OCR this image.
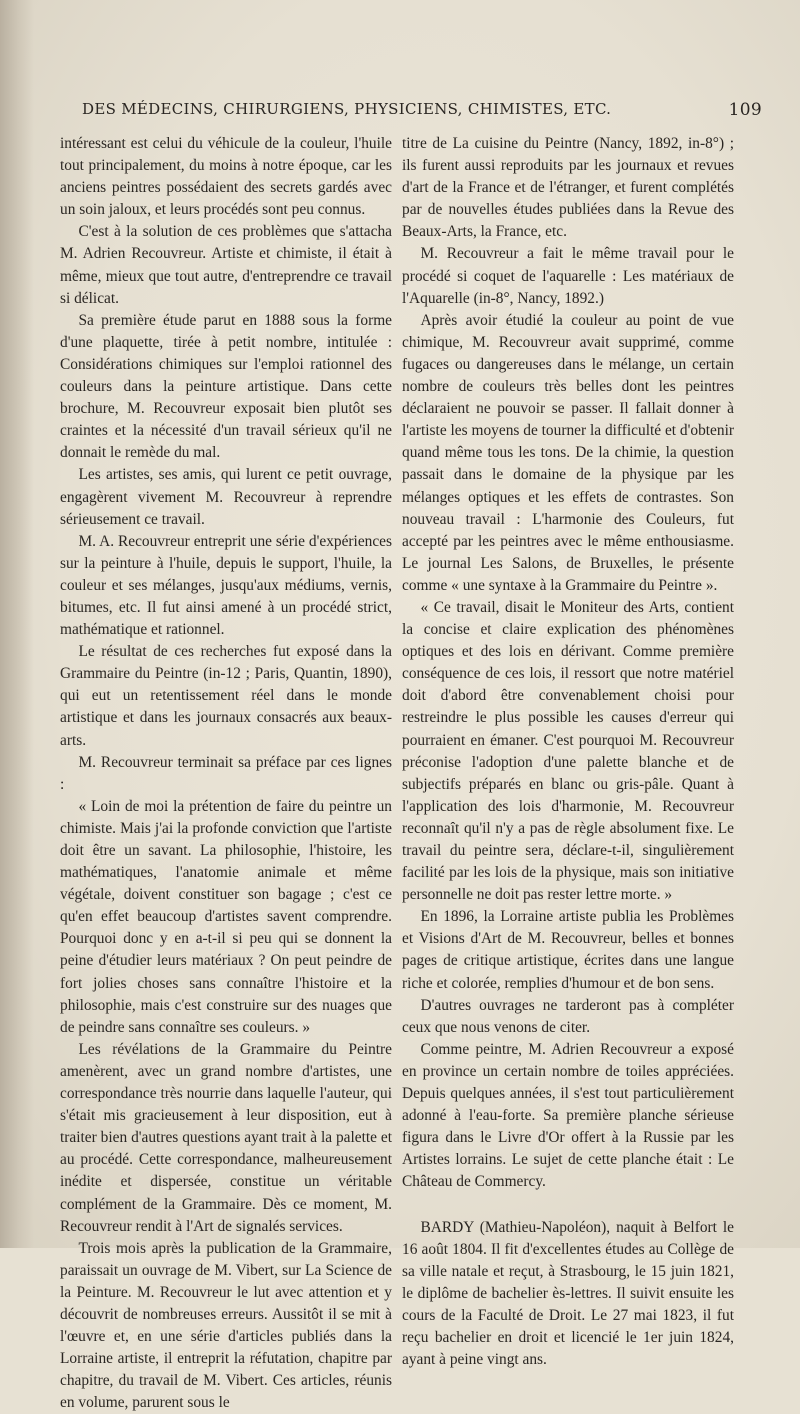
DES MÉDECINS, CHIRURGIENS, PHYSICIENS, CHIMISTES, ETC.	109

intéressant est celui du véhicule de la couleur, l'huile tout principalement, du moins à notre époque, car les anciens peintres possédaient des secrets gardés avec un soin jaloux, et leurs procédés sont peu connus.

C'est à la solution de ces problèmes que s'attacha M. Adrien Recouvreur. Artiste et chimiste, il était à même, mieux que tout autre, d'entreprendre ce travail si délicat.

Sa première étude parut en 1888 sous la forme d'une plaquette, tirée à petit nombre, intitulée : Considérations chimiques sur l'emploi rationnel des couleurs dans la peinture artistique. Dans cette brochure, M. Recouvreur exposait bien plutôt ses craintes et la nécessité d'un travail sérieux qu'il ne donnait le remède du mal.

Les artistes, ses amis, qui lurent ce petit ouvrage, engagèrent vivement M. Recouvreur à reprendre sérieusement ce travail.

M. A. Recouvreur entreprit une série d'expériences sur la peinture à l'huile, depuis le support, l'huile, la couleur et ses mélanges, jusqu'aux médiums, vernis, bitumes, etc. Il fut ainsi amené à un procédé strict, mathématique et rationnel.

Le résultat de ces recherches fut exposé dans la Grammaire du Peintre (in-12 ; Paris, Quantin, 1890), qui eut un retentissement réel dans le monde artistique et dans les journaux consacrés aux beaux-arts.

M. Recouvreur terminait sa préface par ces lignes :

« Loin de moi la prétention de faire du peintre un chimiste. Mais j'ai la profonde conviction que l'artiste doit être un savant. La philosophie, l'histoire, les mathématiques, l'anatomie animale et même végétale, doivent constituer son bagage ; c'est ce qu'en effet beaucoup d'artistes savent comprendre. Pourquoi donc y en a-t-il si peu qui se donnent la peine d'étudier leurs matériaux ? On peut peindre de fort jolies choses sans connaître l'histoire et la philosophie, mais c'est construire sur des nuages que de peindre sans connaître ses couleurs. »

Les révélations de la Grammaire du Peintre amenèrent, avec un grand nombre d'artistes, une correspondance très nourrie dans laquelle l'auteur, qui s'était mis gracieusement à leur disposition, eut à traiter bien d'autres questions ayant trait à la palette et au procédé. Cette correspondance, malheureusement inédite et dispersée, constitue un véritable complément de la Grammaire. Dès ce moment, M. Recouvreur rendit à l'Art de signalés services.

Trois mois après la publication de la Grammaire, paraissait un ouvrage de M. Vibert, sur La Science de la Peinture. M. Recouvreur le lut avec attention et y découvrit de nombreuses erreurs. Aussitôt il se mit à l'œuvre et, en une série d'articles publiés dans la Lorraine artiste, il entreprit la réfutation, chapitre par chapitre, du travail de M. Vibert. Ces articles, réunis en volume, parurent sous le

titre de La cuisine du Peintre (Nancy, 1892, in-8°) ; ils furent aussi reproduits par les journaux et revues d'art de la France et de l'étranger, et furent complétés par de nouvelles études publiées dans la Revue des Beaux-Arts, la France, etc.

M. Recouvreur a fait le même travail pour le procédé si coquet de l'aquarelle : Les matériaux de l'Aquarelle (in-8°, Nancy, 1892.)

Après avoir étudié la couleur au point de vue chimique, M. Recouvreur avait supprimé, comme fugaces ou dangereuses dans le mélange, un certain nombre de couleurs très belles dont les peintres déclaraient ne pouvoir se passer. Il fallait donner à l'artiste les moyens de tourner la difficulté et d'obtenir quand même tous les tons. De la chimie, la question passait dans le domaine de la physique par les mélanges optiques et les effets de contrastes. Son nouveau travail : L'harmonie des Couleurs, fut accepté par les peintres avec le même enthousiasme. Le journal Les Salons, de Bruxelles, le présente comme « une syntaxe à la Grammaire du Peintre ».

« Ce travail, disait le Moniteur des Arts, contient la concise et claire explication des phénomènes optiques et des lois en dérivant. Comme première conséquence de ces lois, il ressort que notre matériel doit d'abord être convenablement choisi pour restreindre le plus possible les causes d'erreur qui pourraient en émaner. C'est pourquoi M. Recouvreur préconise l'adoption d'une palette blanche et de subjectifs préparés en blanc ou gris-pâle. Quant à l'application des lois d'harmonie, M. Recouvreur reconnaît qu'il n'y a pas de règle absolument fixe. Le travail du peintre sera, déclare-t-il, singulièrement facilité par les lois de la physique, mais son initiative personnelle ne doit pas rester lettre morte. »

En 1896, la Lorraine artiste publia les Problèmes et Visions d'Art de M. Recouvreur, belles et bonnes pages de critique artistique, écrites dans une langue riche et colorée, remplies d'humour et de bon sens.

D'autres ouvrages ne tarderont pas à compléter ceux que nous venons de citer.

Comme peintre, M. Adrien Recouvreur a exposé en province un certain nombre de toiles appréciées. Depuis quelques années, il s'est tout particulièrement adonné à l'eau-forte. Sa première planche sérieuse figura dans le Livre d'Or offert à la Russie par les Artistes lorrains. Le sujet de cette planche était : Le Château de Commercy.

BARDY (Mathieu-Napoléon), naquit à Belfort le 16 août 1804. Il fit d'excellentes études au Collège de sa ville natale et reçut, à Strasbourg, le 15 juin 1821, le diplôme de bachelier ès-lettres. Il suivit ensuite les cours de la Faculté de Droit. Le 27 mai 1823, il fut reçu bachelier en droit et licencié le 1er juin 1824, ayant à peine vingt ans.
